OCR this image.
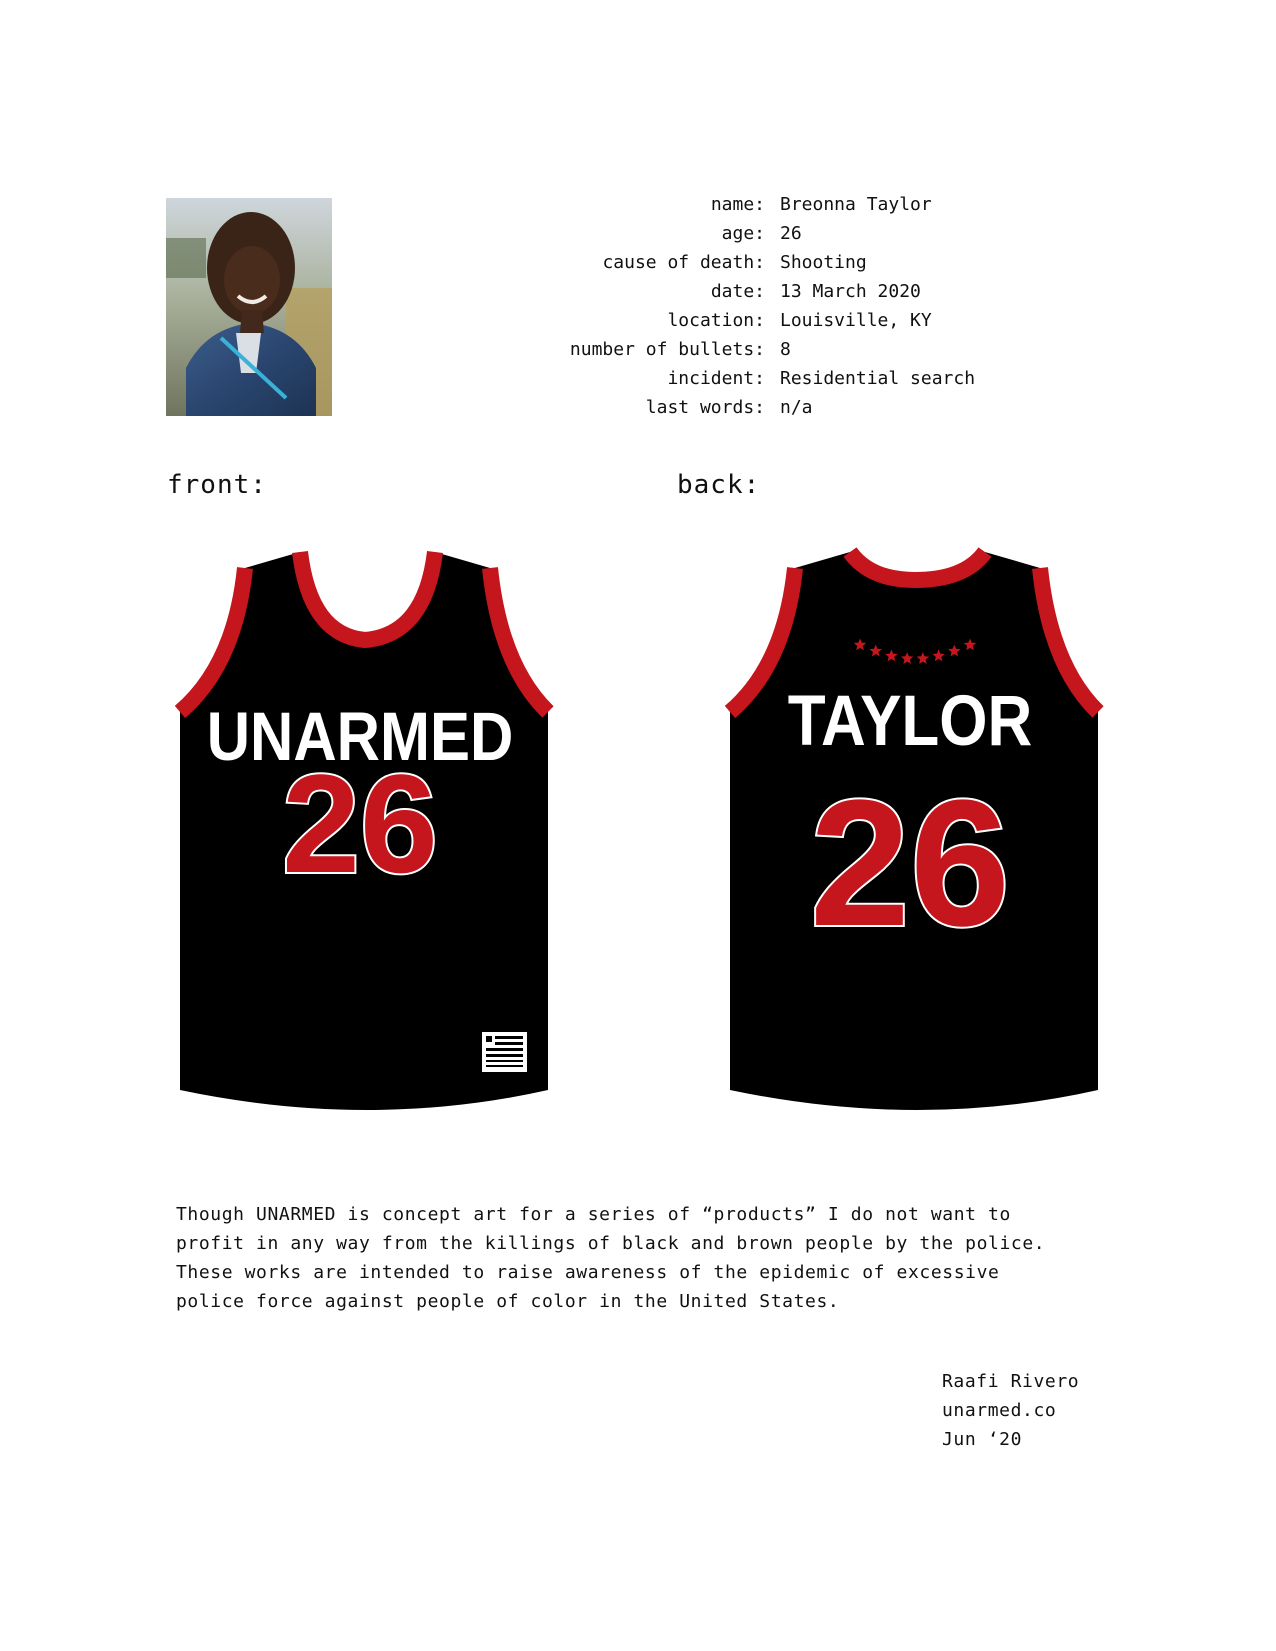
name:
Breonna Taylor
age:
26
cause of death:
Shooting
date:
13 March 2020
location:
Louisville, KY
number of bullets:
8
incident:
Residential search
last words:
n/a
front:	back:
UNARMED
26
TAYLOR
26
Though UNARMED is concept art for a series of “products” I do not want to
profit in any way from the killings of black and brown people by the police.
These works are intended to raise awareness of the epidemic of excessive
police force against people of color in the United States.
Raafi Rivero
unarmed.co
Jun ‘20
